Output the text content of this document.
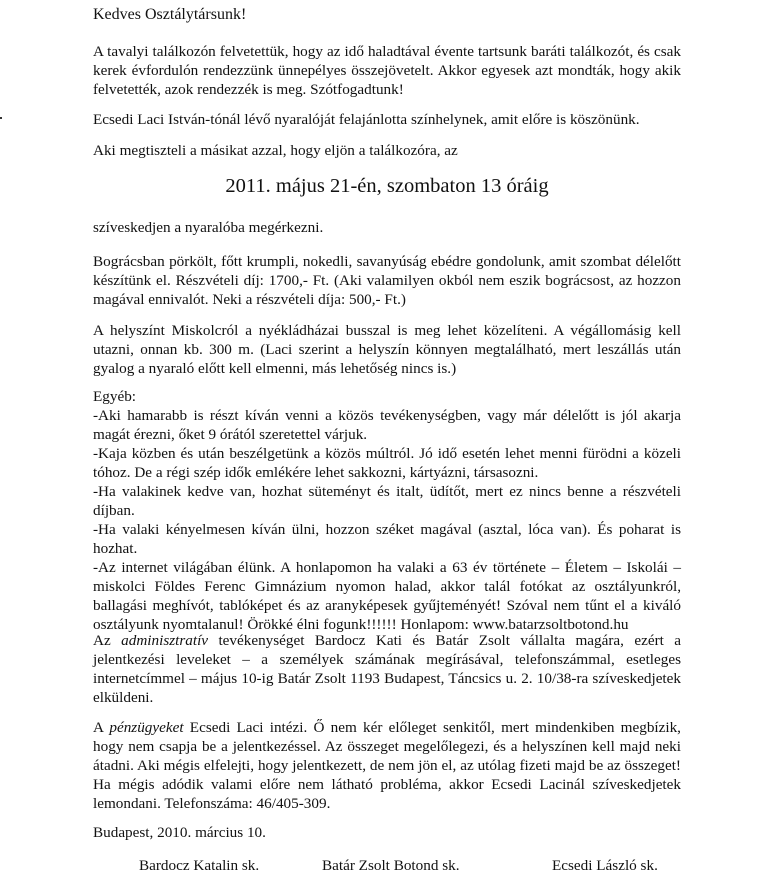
Kedves Osztálytársunk!

A tavalyi találkozón felvetettük, hogy az idő haladtával évente tartsunk baráti találkozót, és csak kerek évfordulón rendezzünk ünnepélyes összejövetelt. Akkor egyesek azt mondták, hogy akik felvetették, azok rendezzék is meg. Szótfogadtunk!

Ecsedi Laci István-tónál lévő nyaralóját felajánlotta színhelynek, amit előre is köszönünk.

Aki megtiszteli a másikat azzal, hogy eljön a találkozóra, az

2011. május 21-én, szombaton 13 óráig

szíveskedjen a nyaralóba megérkezni.

Bográcsban pörkölt, főtt krumpli, nokedli, savanyúság ebédre gondolunk, amit szombat délelőtt készítünk el. Részvételi díj: 1700,- Ft. (Aki valamilyen okból nem eszik bográcsost, az hozzon magával ennivalót. Neki a részvételi díja: 500,- Ft.)

A helyszínt Miskolcról a nyékládházai busszal is meg lehet közelíteni. A végállomásig kell utazni, onnan kb. 300 m. (Laci szerint a helyszín könnyen megtalálható, mert leszállás után gyalog a nyaraló előtt kell elmenni, más lehetőség nincs is.)

Egyéb:
-Aki hamarabb is részt kíván venni a közös tevékenységben, vagy már délelőtt is jól akarja magát érezni, őket 9 órától szeretettel várjuk.
-Kaja közben és után beszélgetünk a közös múltról. Jó idő esetén lehet menni fürödni a közeli tóhoz. De a régi szép idők emlékére lehet sakkozni, kártyázni, társasozni.
-Ha valakinek kedve van, hozhat süteményt és italt, üdítőt, mert ez nincs benne a részvételi díjban.
-Ha valaki kényelmesen kíván ülni, hozzon széket magával (asztal, lóca van). És poharat is hozhat.
-Az internet világában élünk. A honlapomon ha valaki a 63 év története – Életem – Iskolái – miskolci Földes Ferenc Gimnázium nyomon halad, akkor talál fotókat az osztályunkról, ballagási meghívót, tablóképet és az aranyképesek gyűjteményét! Szóval nem tűnt el a kiváló osztályunk nyomtalanul! Örökké élni fogunk!!!!!! Honlapom: www.batarzsoltbotond.hu

Az adminisztratív tevékenységet Bardocz Kati és Batár Zsolt vállalta magára, ezért a jelentkezési leveleket – a személyek számának megírásával, telefonszámmal, esetleges internetcímmel – május 10-ig Batár Zsolt 1193 Budapest, Táncsics u. 2. 10/38-ra szíveskedjetek elküldeni.

A pénzügyeket Ecsedi Laci intézi. Ő nem kér előleget senkitől, mert mindenkiben megbízik, hogy nem csapja be a jelentkezéssel. Az összeget megelőlegezi, és a helyszínen kell majd neki átadni. Aki mégis elfelejti, hogy jelentkezett, de nem jön el, az utólag fizeti majd be az összeget! Ha mégis adódik valami előre nem látható probléma, akkor Ecsedi Lacinál szíveskedjetek lemondani. Telefonszáma: 46/405-309.

Budapest, 2010. március 10.

Bardocz Katalin sk.	Batár Zsolt Botond sk.	Ecsedi László sk.
